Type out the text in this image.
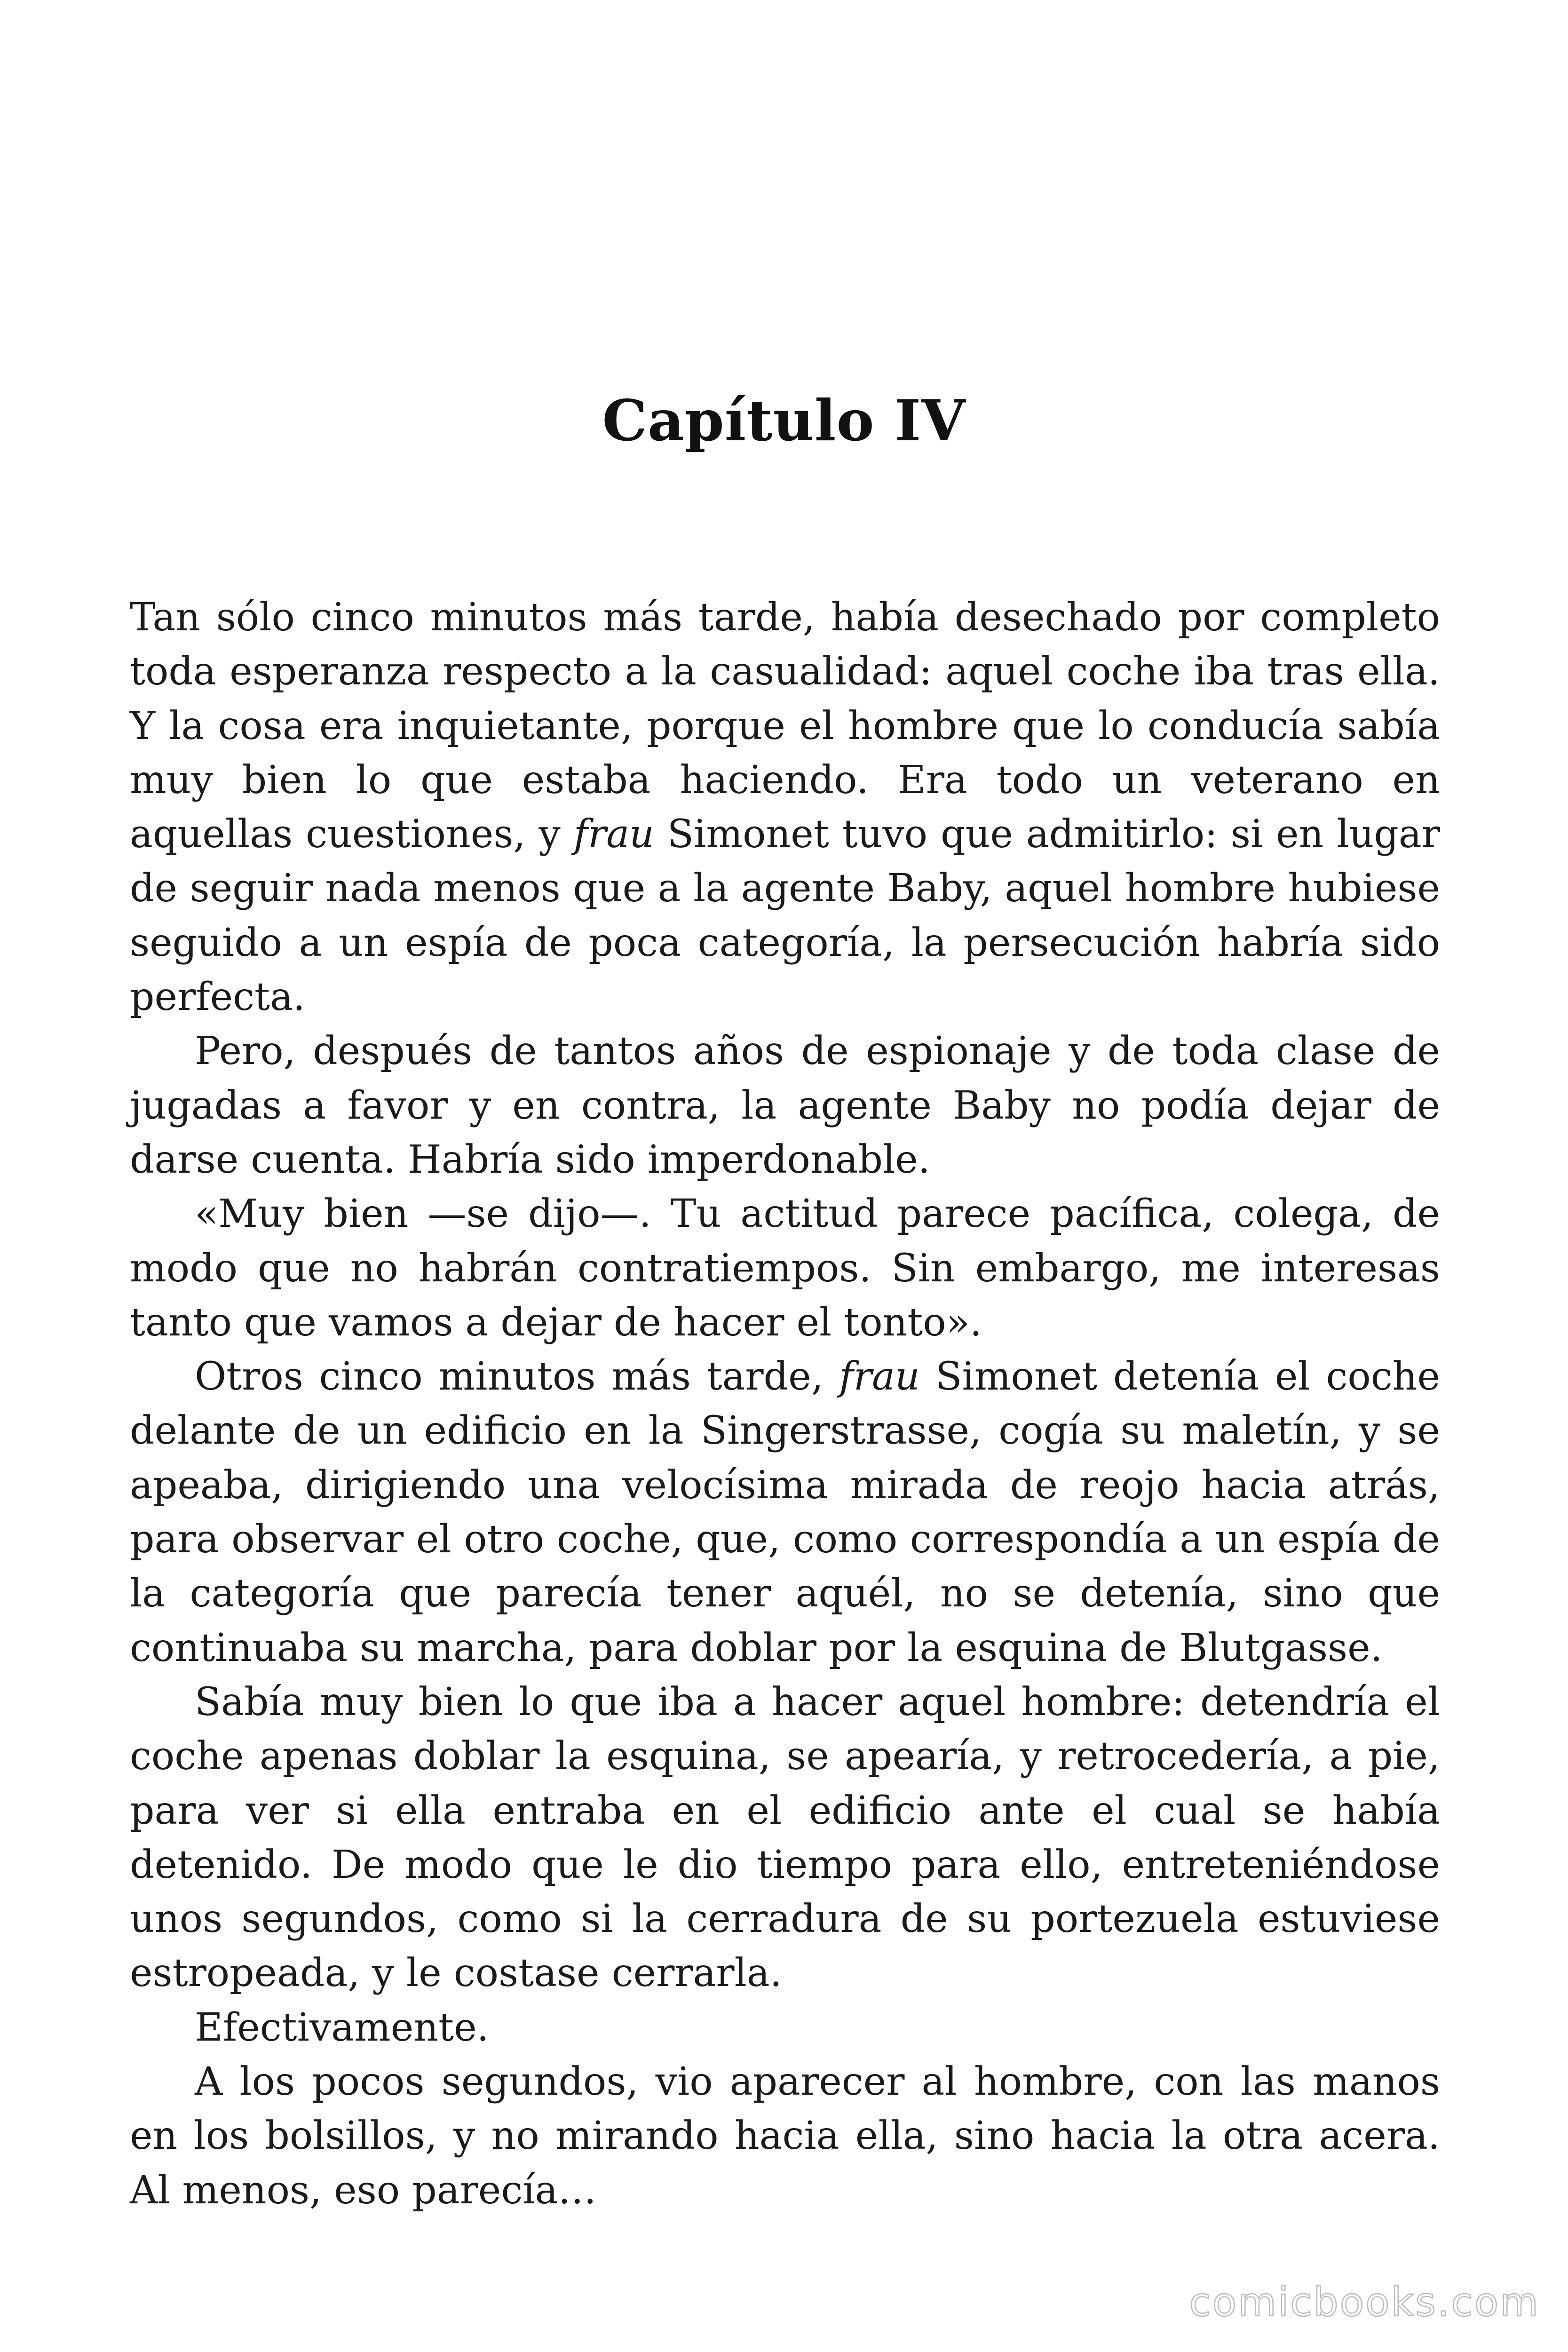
Capítulo IV

Tan sólo cinco minutos más tarde, había desechado por completo toda esperanza respecto a la casualidad: aquel coche iba tras ella. Y la cosa era inquietante, porque el hombre que lo conducía sabía muy bien lo que estaba haciendo. Era todo un veterano en aquellas cuestiones, y frau Simonet tuvo que admitirlo: si en lugar de seguir nada menos que a la agente Baby, aquel hombre hubiese seguido a un espía de poca categoría, la persecución habría sido perfecta.

Pero, después de tantos años de espionaje y de toda clase de jugadas a favor y en contra, la agente Baby no podía dejar de darse cuenta. Habría sido imperdonable.

«Muy bien —se dijo—. Tu actitud parece pacífica, colega, de modo que no habrán contratiempos. Sin embargo, me interesas tanto que vamos a dejar de hacer el tonto».

Otros cinco minutos más tarde, frau Simonet detenía el coche delante de un edificio en la Singerstrasse, cogía su maletín, y se apeaba, dirigiendo una velocísima mirada de reojo hacia atrás, para observar el otro coche, que, como correspondía a un espía de la categoría que parecía tener aquél, no se detenía, sino que continuaba su marcha, para doblar por la esquina de Blutgasse.

Sabía muy bien lo que iba a hacer aquel hombre: detendría el coche apenas doblar la esquina, se apearía, y retrocedería, a pie, para ver si ella entraba en el edificio ante el cual se había detenido. De modo que le dio tiempo para ello, entreteniéndose unos segundos, como si la cerradura de su portezuela estuviese estropeada, y le costase cerrarla.

Efectivamente.

A los pocos segundos, vio aparecer al hombre, con las manos en los bolsillos, y no mirando hacia ella, sino hacia la otra acera. Al menos, eso parecía…

comicbooks.com
